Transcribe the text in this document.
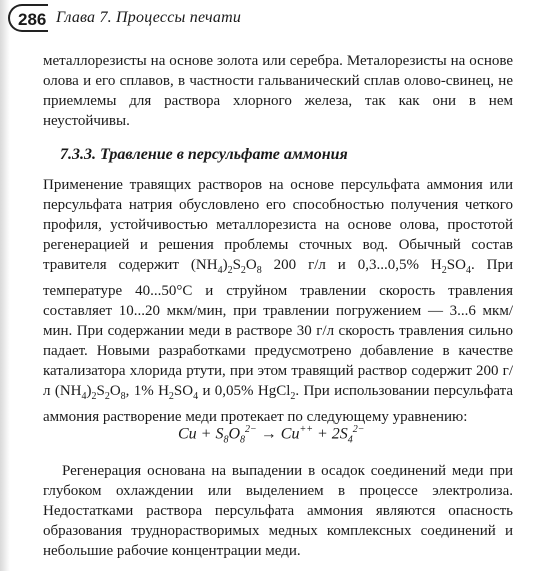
286 Глава 7. Процессы печати

металлорезисты на основе золота или серебра. Металорезисты на основе олова и его сплавов, в частности гальванический сплав олово-свинец, не приемлемы для раствора хлорного железа, так как они в нем неустойчивы.

7.3.3. Травление в персульфате аммония

Применение травящих растворов на основе персульфата аммония или персульфата натрия обусловлено его способностью получения четкого профиля, устойчивостью металлорезиста на основе олова, простотой регенерацией и решения проблемы сточных вод. Обычный состав травителя содержит $(NH_4)_2S_2O_8$ 200 г/л и 0,3...0,5% $H_2SO_4$. При температуре 40...50°С и струйном травлении скорость травления составляет 10...20 мкм/мин, при травлении погружением — 3...6 мкм/мин. При содержании меди в растворе 30 г/л скорость травления сильно падает. Новыми разработками предусмотрено добавление в качестве катализатора хлорида ртути, при этом травящий раствор содержит 200 г/л $(NH_4)_2S_2O_8$, 1% $H_2SO_4$ и 0,05% HgCl$_2$. При использовании персульфата аммония растворение меди протекает по следующему уравнению:

$Cu + S_8O_8^{2-} \to Cu^{++} + 2S_4^{2-}$

Регенерация основана на выпадении в осадок соединений меди при глубоком охлаждении или выделением в процессе электролиза. Недостатками раствора персульфата аммония являются опасность образования труднорастворимых медных комплексных соединений и небольшие рабочие концентрации меди.
